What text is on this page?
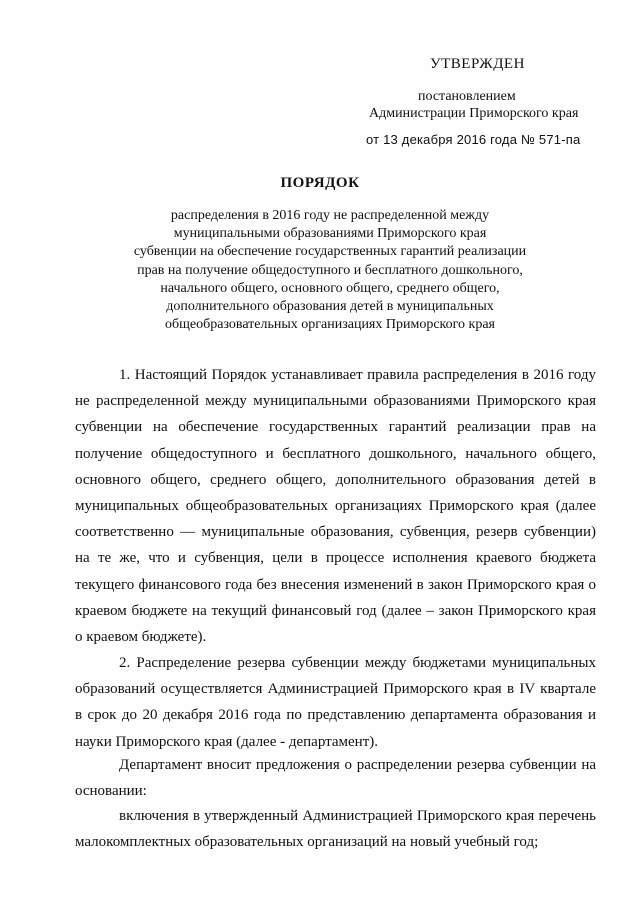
УТВЕРЖДЕН
постановлением
Администрации Приморского края
от 13 декабря 2016 года № 571-па
ПОРЯДОК
распределения в 2016 году не распределенной между
муниципальными образованиями Приморского края
субвенции на обеспечение государственных гарантий реализации
прав на получение общедоступного и бесплатного дошкольного,
начального общего, основного общего, среднего общего,
дополнительного образования детей в муниципальных
общеобразовательных организациях Приморского края

1. Настоящий Порядок устанавливает правила распределения в 2016 году не распределенной между муниципальными образованиями Приморского края субвенции на обеспечение государственных гарантий реализации прав на получение общедоступного и бесплатного дошкольного, начального общего, основного общего, среднего общего, дополнительного образования детей в муниципальных общеобразовательных организациях Приморского края (далее соответственно — муниципальные образования, субвенция, резерв субвенции) на те же, что и субвенция, цели в процессе исполнения краевого бюджета текущего финансового года без внесения изменений в закон Приморского края о краевом бюджете на текущий финансовый год (далее – закон Приморского края о краевом бюджете).

2. Распределение резерва субвенции между бюджетами муниципальных образований осуществляется Администрацией Приморского края в IV квартале в срок до 20 декабря 2016 года по представлению департамента образования и науки Приморского края (далее - департамент).

Департамент вносит предложения о распределении резерва субвенции на основании:

включения в утвержденный Администрацией Приморского края перечень малокомплектных образовательных организаций на новый учебный год;
